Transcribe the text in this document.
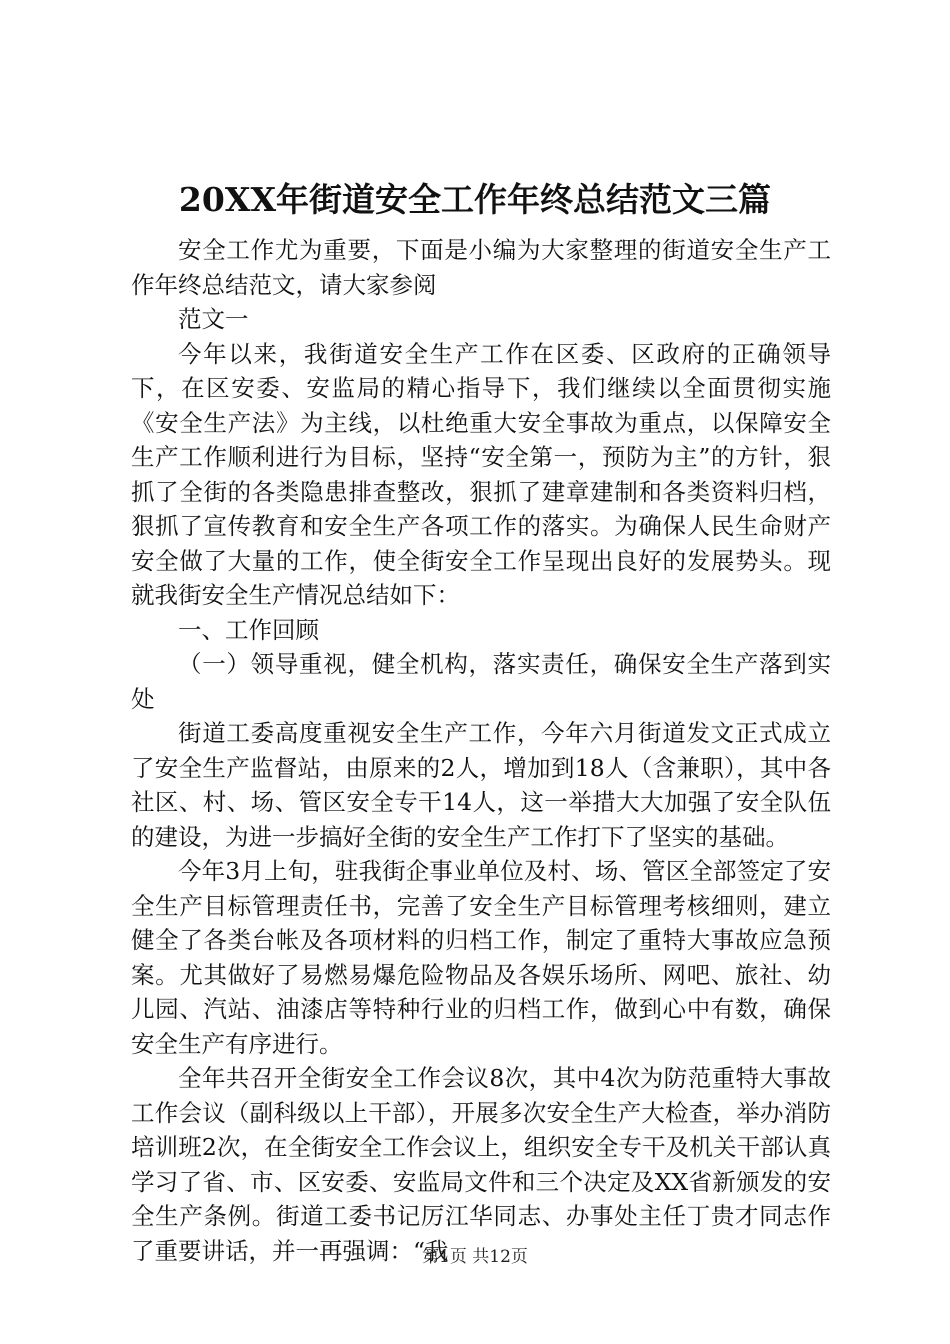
20XX年街道安全工作年终总结范文三篇

安全工作尤为重要，下面是小编为大家整理的街道安全生产工作年终总结范文，请大家参阅

范文一

今年以来，我街道安全生产工作在区委、区政府的正确领导下，在区安委、安监局的精心指导下，我们继续以全面贯彻实施《安全生产法》为主线，以杜绝重大安全事故为重点，以保障安全生产工作顺利进行为目标，坚持“安全第一，预防为主”的方针，狠抓了全街的各类隐患排查整改，狠抓了建章建制和各类资料归档，狠抓了宣传教育和安全生产各项工作的落实。为确保人民生命财产安全做了大量的工作，使全街安全工作呈现出良好的发展势头。现就我街安全生产情况总结如下：

一、工作回顾

（一）领导重视，健全机构，落实责任，确保安全生产落到实处

街道工委高度重视安全生产工作，今年六月街道发文正式成立了安全生产监督站，由原来的2人，增加到18人（含兼职），其中各社区、村、场、管区安全专干14人，这一举措大大加强了安全队伍的建设，为进一步搞好全街的安全生产工作打下了坚实的基础。

今年3月上旬，驻我街企事业单位及村、场、管区全部签定了安全生产目标管理责任书，完善了安全生产目标管理考核细则，建立健全了各类台帐及各项材料的归档工作，制定了重特大事故应急预案。尤其做好了易燃易爆危险物品及各娱乐场所、网吧、旅社、幼儿园、汽站、油漆店等特种行业的归档工作，做到心中有数，确保安全生产有序进行。

全年共召开全街安全工作会议8次，其中4次为防范重特大事故工作会议（副科级以上干部），开展多次安全生产大检查，举办消防培训班2次，在全街安全工作会议上，组织安全专干及机关干部认真学习了省、市、区安委、安监局文件和三个决定及XX省新颁发的安全生产条例。街道工委书记厉江华同志、办事处主任丁贵才同志作了重要讲话，并一再强调：“我

第1页 共12页
